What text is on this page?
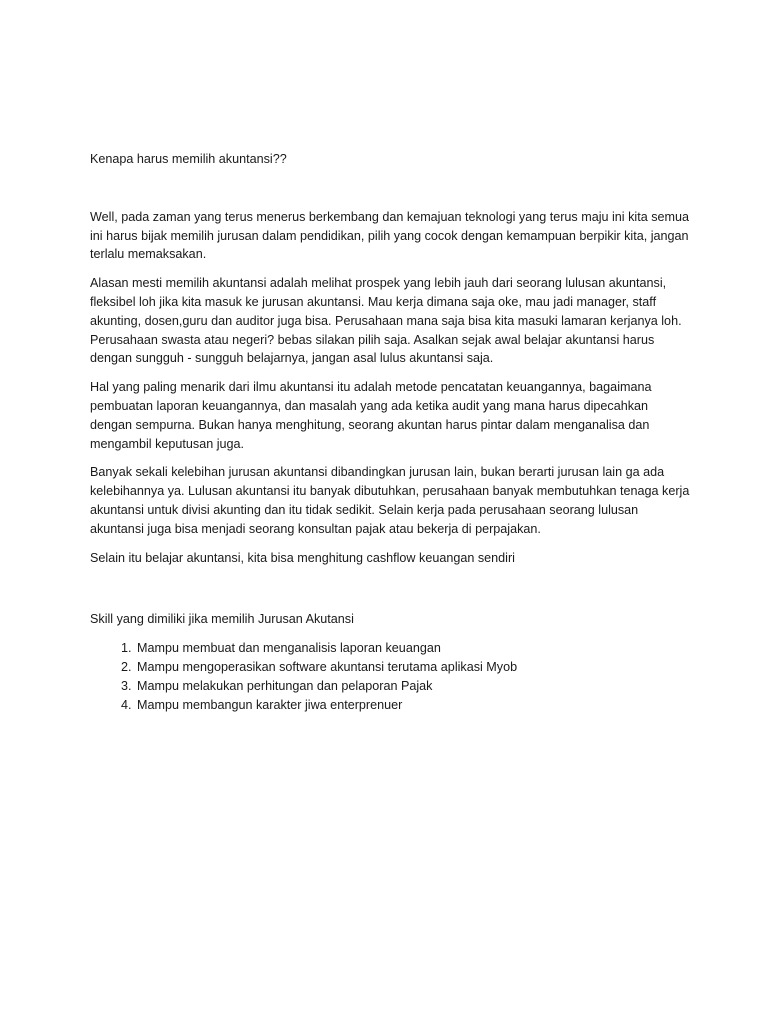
Kenapa harus memilih akuntansi??

Well, pada zaman yang terus menerus berkembang dan kemajuan teknologi yang terus maju ini kita semua ini harus bijak memilih jurusan dalam pendidikan, pilih yang cocok dengan kemampuan berpikir kita, jangan terlalu memaksakan.

Alasan mesti memilih akuntansi adalah melihat prospek yang lebih jauh dari seorang lulusan akuntansi, fleksibel loh jika kita masuk ke jurusan akuntansi. Mau kerja dimana saja oke, mau jadi manager, staff akunting, dosen,guru dan auditor juga bisa. Perusahaan mana saja bisa kita masuki lamaran kerjanya loh. Perusahaan swasta atau negeri? bebas silakan pilih saja. Asalkan sejak awal belajar akuntansi harus dengan sungguh - sungguh belajarnya, jangan asal lulus akuntansi saja.

Hal yang paling menarik dari ilmu akuntansi itu adalah metode pencatatan keuangannya, bagaimana pembuatan laporan keuangannya, dan masalah yang ada ketika audit yang mana harus dipecahkan dengan sempurna. Bukan hanya menghitung, seorang akuntan harus pintar dalam menganalisa dan mengambil keputusan juga.

Banyak sekali kelebihan jurusan akuntansi dibandingkan jurusan lain, bukan berarti jurusan lain ga ada kelebihannya ya. Lulusan akuntansi itu banyak dibutuhkan, perusahaan banyak membutuhkan tenaga kerja akuntansi untuk divisi akunting dan itu tidak sedikit. Selain kerja pada perusahaan seorang lulusan akuntansi juga bisa menjadi seorang konsultan pajak atau bekerja di perpajakan.

Selain itu belajar akuntansi, kita bisa menghitung cashflow keuangan sendiri

Skill yang dimiliki jika memilih Jurusan Akutansi

1. Mampu membuat dan menganalisis laporan keuangan
2. Mampu mengoperasikan software akuntansi terutama aplikasi Myob
3. Mampu melakukan perhitungan dan pelaporan Pajak
4. Mampu membangun karakter jiwa enterprenuer
